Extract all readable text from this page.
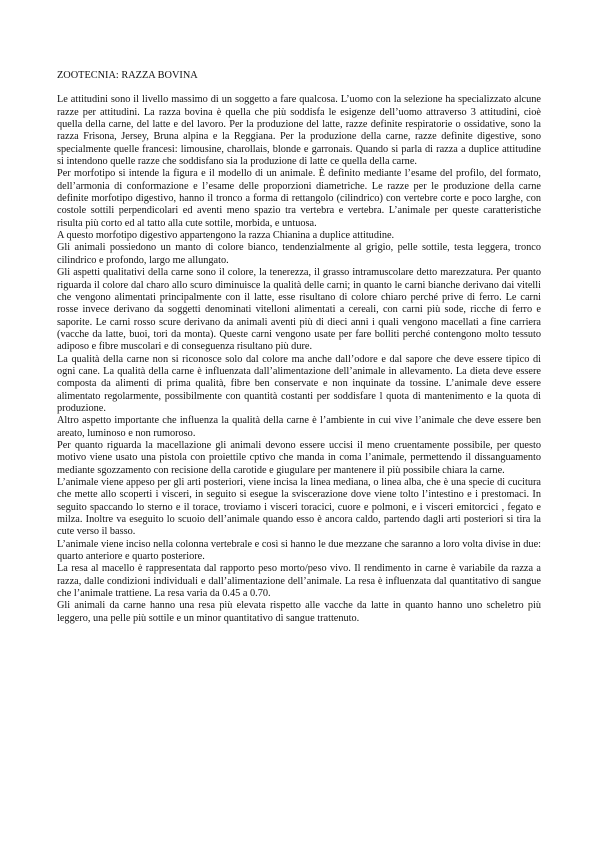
ZOOTECNIA: RAZZA BOVINA

Le attitudini sono il livello massimo di un soggetto a fare qualcosa. L’uomo con la selezione ha specializzato alcune razze per attitudini. La razza bovina è quella che più soddisfa le esigenze dell’uomo attraverso 3 attitudini, cioè quella della carne, del latte e del lavoro. Per la produzione del latte, razze definite respiratorie o ossidative, sono la razza Frisona, Jersey, Bruna alpina e la Reggiana. Per la produzione della carne, razze definite digestive, sono specialmente quelle francesi: limousine, charollais, blonde e garronais. Quando si parla di razza a duplice attitudine si intendono quelle razze che soddisfano sia la produzione di latte ce quella della carne.

Per morfotipo si intende la figura e il modello di un animale. È definito mediante l’esame del profilo, del formato, dell’armonia di conformazione e l’esame delle proporzioni diametriche. Le razze per le produzione della carne definite morfotipo digestivo, hanno il tronco a forma di rettangolo (cilindrico) con vertebre corte e poco larghe, con costole sottili perpendicolari ed aventi meno spazio tra vertebra e vertebra. L’animale per queste caratteristiche risulta più corto ed al tatto alla cute sottile, morbida, e untuosa.

A questo morfotipo digestivo appartengono la razza Chianina a duplice attitudine.

Gli animali possiedono un manto di colore bianco, tendenzialmente al grigio, pelle sottile, testa leggera, tronco cilindrico e profondo, largo me allungato.

Gli aspetti qualitativi della carne sono il colore, la tenerezza, il grasso intramuscolare detto marezzatura. Per quanto riguarda il colore dal charo allo scuro diminuisce la qualità delle carni; in quanto le carni bianche derivano dai vitelli che vengono alimentati principalmente con il latte, esse risultano di colore chiaro perché prive di ferro. Le carni rosse invece derivano da soggetti denominati vitelloni alimentati a cereali, con carni più sode, ricche di ferro e saporite. Le carni rosso scure derivano da animali aventi più di dieci anni i quali vengono macellati a fine carriera (vacche da latte, buoi, tori da monta). Queste carni vengono usate per fare bolliti perché contengono molto tessuto adiposo e fibre muscolari e di conseguenza risultano più dure.

La qualità della carne non si riconosce solo dal colore ma anche dall’odore e dal sapore che deve essere tipico di ogni cane. La qualità della carne è influenzata dall’alimentazione dell’animale in allevamento. La dieta deve essere composta da alimenti di prima qualità, fibre ben conservate e non inquinate da tossine. L’animale deve essere alimentato regolarmente, possibilmente con quantità costanti per soddisfare l quota di mantenimento e la quota di produzione.

Altro aspetto importante che influenza la qualità della carne è l’ambiente in cui vive l’animale che deve essere ben areato, luminoso e non rumoroso.

Per quanto riguarda la macellazione gli animali devono essere uccisi il meno cruentamente possibile, per questo motivo viene usato una pistola con proiettile cptivo che manda in coma l’animale, permettendo il dissanguamento mediante sgozzamento con recisione della carotide e giugulare per mantenere il più possibile chiara la carne.

L’animale viene appeso per gli arti posteriori, viene incisa la linea mediana, o linea alba, che è una specie di cucitura che mette allo scoperti i visceri, in seguito si esegue la sviscerazione dove viene tolto l’intestino e i prestomaci. In seguito spaccando lo sterno e il torace, troviamo i visceri toracici, cuore e polmoni, e i visceri emitorcici , fegato e milza. Inoltre va eseguito lo scuoio dell’animale quando esso è ancora caldo, partendo dagli arti posteriori si tira la cute verso il basso.

L’animale viene inciso nella colonna vertebrale e così si hanno le due mezzane che saranno a loro volta divise in due: quarto anteriore e quarto posteriore.

La resa al macello è rappresentata dal rapporto peso morto/peso vivo. Il rendimento in carne è variabile da razza a razza, dalle condizioni individuali e dall’alimentazione dell’animale. La resa è influenzata dal quantitativo di sangue che l’animale trattiene. La resa varia da 0.45 a 0.70.

Gli animali da carne hanno una resa più elevata rispetto alle vacche da latte in quanto hanno uno scheletro più leggero, una pelle più sottile e un minor quantitativo di sangue trattenuto.
